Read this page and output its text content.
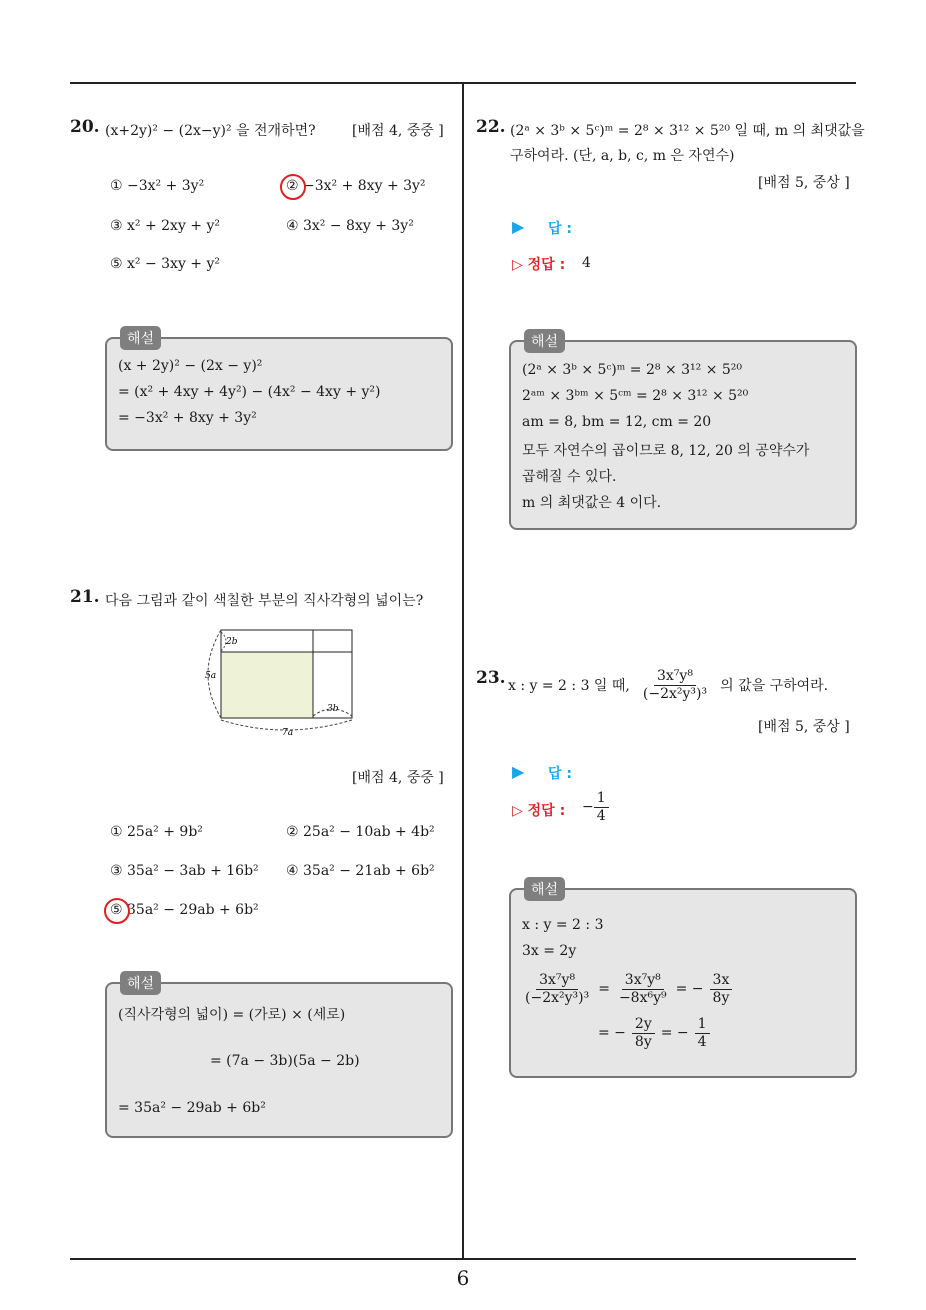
20. (x+2y)² − (2x−y)² 을 전개하면?	[배점 4, 중중 ]
① −3x² + 3y²	② −3x² + 8xy + 3y²
③ x² + 2xy + y²	④ 3x² − 8xy + 3y²
⑤ x² − 3xy + y²
해설
(x + 2y)² − (2x − y)²
= (x² + 4xy + 4y²) − (4x² − 4xy + y²)
= −3x² + 8xy + 3y²
21. 다음 그림과 같이 색칠한 부분의 직사각형의 넓이는?
2b
5a
3b
7a
[배점 4, 중중 ]
① 25a² + 9b²	② 25a² − 10ab + 4b²
③ 35a² − 3ab + 16b² ④ 35a² − 21ab + 6b²
⑤ 35a² − 29ab + 6b²
해설
(직사각형의 넓이) = (가로) × (세로)
= (7a − 3b)(5a − 2b)
= 35a² − 29ab + 6b²
22. (2ᵃ × 3ᵇ × 5ᶜ)ᵐ = 2⁸ × 3¹² × 5²⁰ 일 때, m 의 최댓값을
구하여라. (단, a, b, c, m 은 자연수)
[배점 5, 중상 ]
▶ 답 :
▷ 정답 : 4
해설
(2ᵃ × 3ᵇ × 5ᶜ)ᵐ = 2⁸ × 3¹² × 5²⁰
2ᵃᵐ × 3ᵇᵐ × 5ᶜᵐ = 2⁸ × 3¹² × 5²⁰
am = 8, bm = 12, cm = 20
모두 자연수의 곱이므로 8, 12, 20 의 공약수가
곱해질 수 있다.
m 의 최댓값은 4 이다.
23. x : y = 2 : 3 일 때, $\frac{\text{3x⁷y⁸}}{\text{(−2x²y³)³}}$ 의 값을 구하여라.
[배점 5, 중상 ]
▶ 답 :
▷ 정답 : − $\frac{1}{4}$
해설
x : y = 2 : 3
3x = 2y
$\frac{\text{3x⁷y⁸}}{\text{(−2x²y³)³}} = \frac{\text{3x⁷y⁸}}{\text{−8x⁶y⁹}}$ = − $\frac{3x}{8y}$
= − $\frac{2y}{8y}$ = − $\frac{1}{4}$
6
